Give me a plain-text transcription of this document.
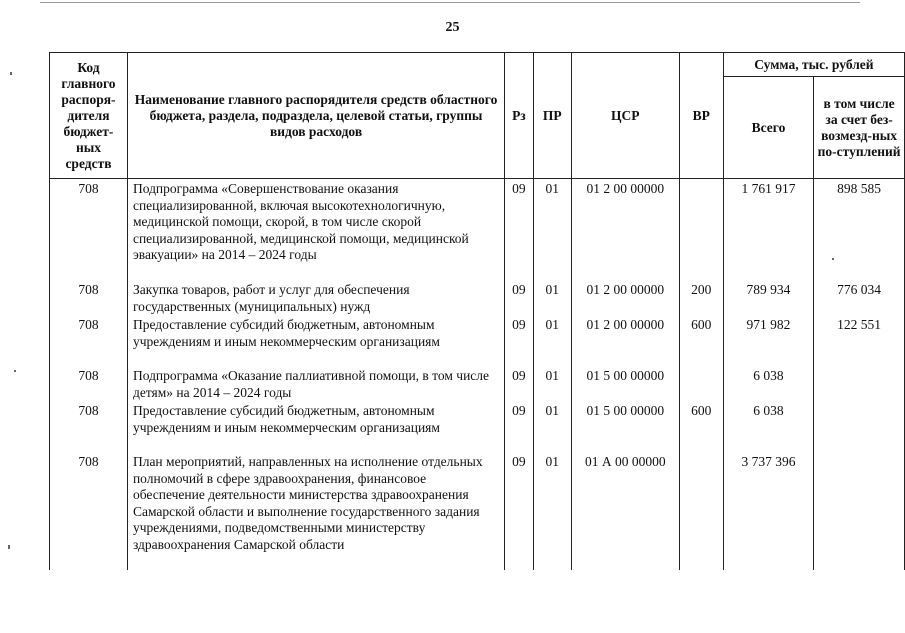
25
Код главного распоря-дителя бюджет-ных средств	Наименование главного распорядителя средств областного бюджета, раздела, подраздела, целевой статьи, группы видов расходов	Рз	ПР	ЦСР	ВР	Сумма, тыс. рублей	
						Всего	в том числе за счет без-возмезд-ных по-ступлений
708	Подпрограмма «Совершенствование оказания специализированной, включая высокотехнологичную, медицинской помощи, скорой, в том числе скорой специализированной, медицинской помощи, медицинской эвакуации» на 2014 – 2024 годы	09	01	01 2 00 00000		1 761 917	898 585
708	Закупка товаров, работ и услуг для обеспечения государственных (муниципальных) нужд	09	01	01 2 00 00000	200	789 934	776 034
708	Предоставление субсидий бюджетным, автономным учреждениям и иным некоммерческим организациям	09	01	01 2 00 00000	600	971 982	122 551
708	Подпрограмма «Оказание паллиативной помощи, в том числе детям» на 2014 – 2024 годы	09	01	01 5 00 00000		6 038	
708	Предоставление субсидий бюджетным, автономным учреждениям и иным некоммерческим организациям	09	01	01 5 00 00000	600	6 038	
708	План мероприятий, направленных на исполнение отдельных полномочий в сфере здравоохранения, финансовое обеспечение деятельности министерства здравоохранения Самарской области и выполнение государственного задания учреждениями, подведомственными министерству здравоохранения Самарской области	09	01	01 А 00 00000		3 737 396	
